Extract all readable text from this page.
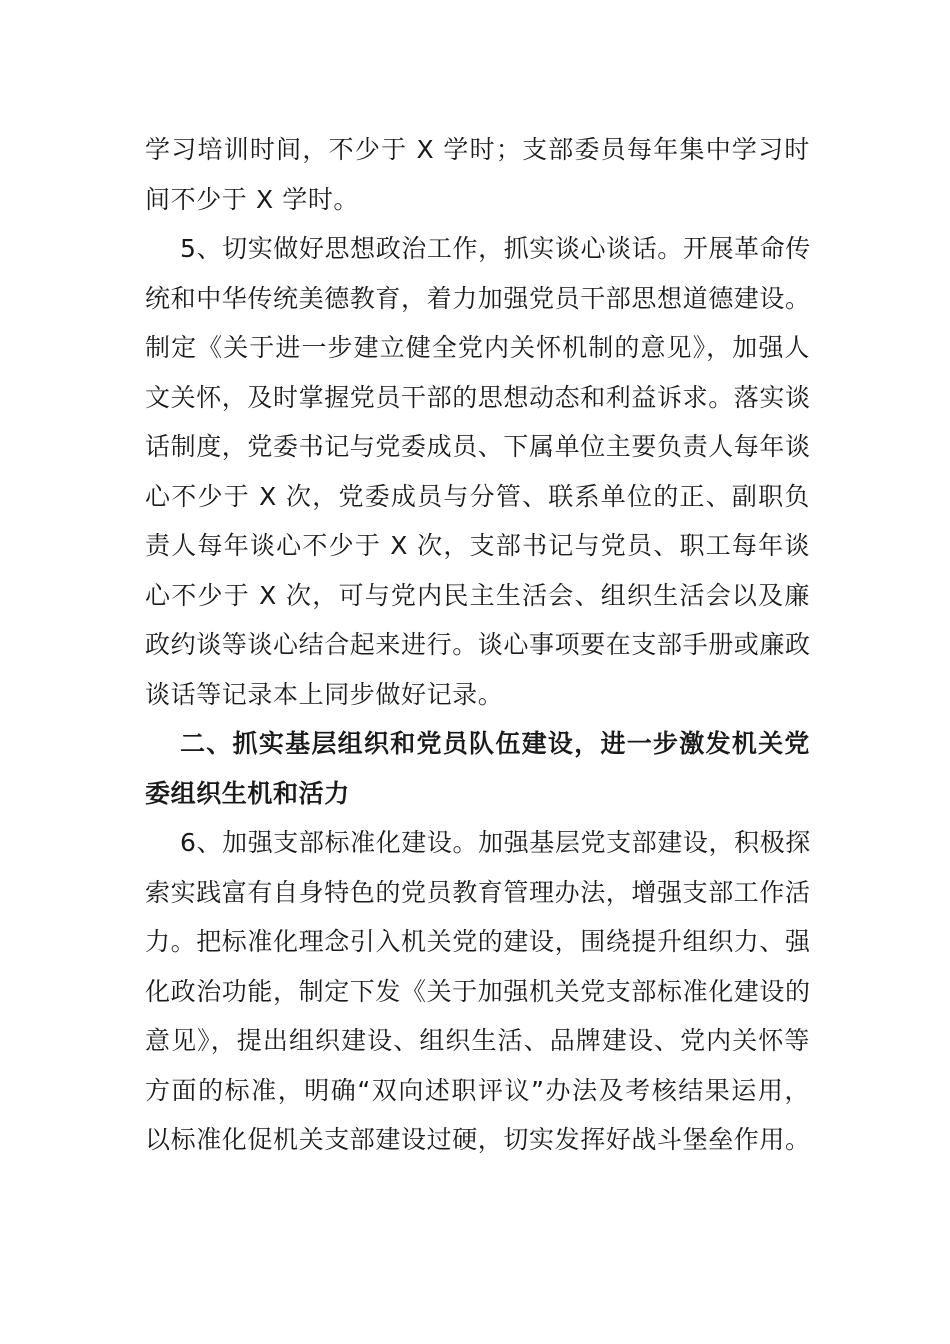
学习培训时间，不少于 X 学时；支部委员每年集中学习时
间不少于 X 学时。
5、切实做好思想政治工作，抓实谈心谈话。开展革命传
统和中华传统美德教育，着力加强党员干部思想道德建设。
制定《关于进一步建立健全党内关怀机制的意见》，加强人
文关怀，及时掌握党员干部的思想动态和利益诉求。落实谈
话制度，党委书记与党委成员、下属单位主要负责人每年谈
心不少于 X 次，党委成员与分管、联系单位的正、副职负
责人每年谈心不少于 X 次，支部书记与党员、职工每年谈
心不少于 X 次，可与党内民主生活会、组织生活会以及廉
政约谈等谈心结合起来进行。谈心事项要在支部手册或廉政
谈话等记录本上同步做好记录。
二、抓实基层组织和党员队伍建设，进一步激发机关党
委组织生机和活力
6、加强支部标准化建设。加强基层党支部建设，积极探
索实践富有自身特色的党员教育管理办法，增强支部工作活
力。把标准化理念引入机关党的建设，围绕提升组织力、强
化政治功能，制定下发《关于加强机关党支部标准化建设的
意见》，提出组织建设、组织生活、品牌建设、党内关怀等
方面的标准，明确“双向述职评议”办法及考核结果运用，
以标准化促机关支部建设过硬，切实发挥好战斗堡垒作用。
